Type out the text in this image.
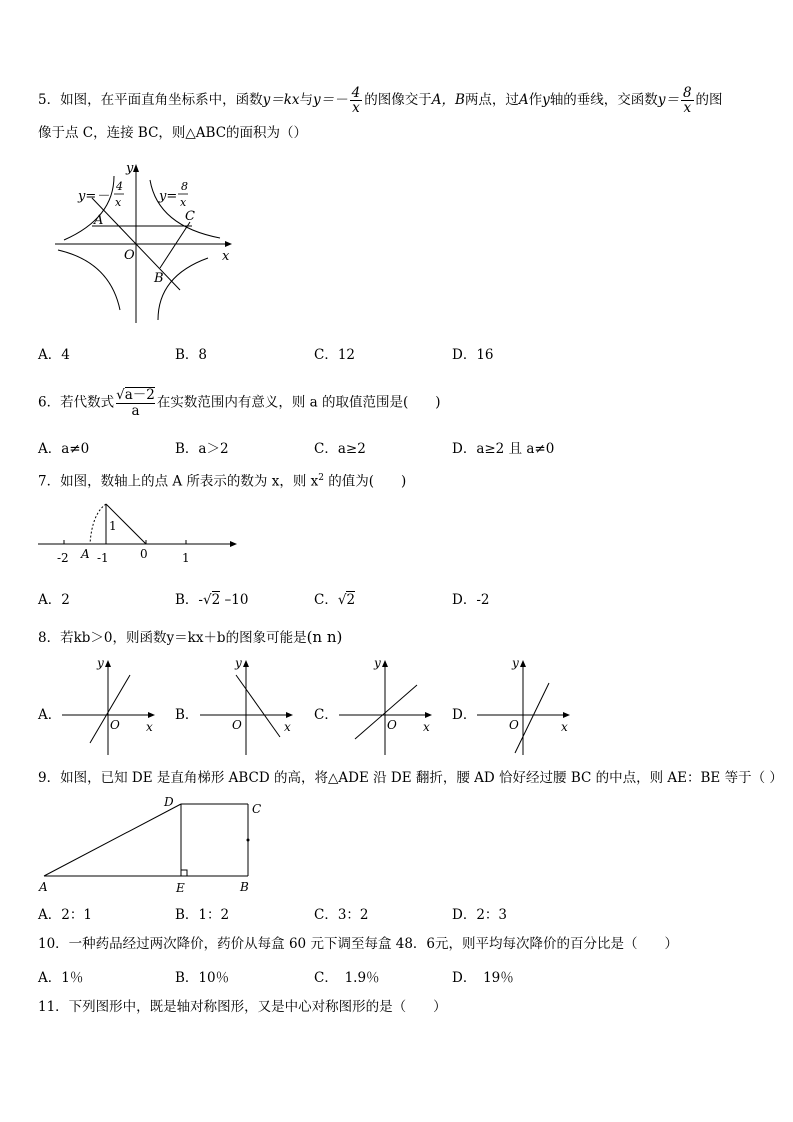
5．如图，在平面直角坐标系中，函数y＝kx与$y=- \frac{4}{x}$ 的图像交于A，B两点，过A作y轴的垂线，交函数$y= \frac{8}{x}$ 的图
像于点 C，连接 BC，则△ABC的面积为（）
y=－
4
x	y=
8
x
A	C
O
B
x
y
A．4	B．8	C．12	D．16
6．若代数式 $\frac{√a-2}{a}$ 在实数范围内有意义，则 a 的取值范围是(　　)
A．a≠0	B．a＞2	C．a≥2	D．a≥2 且 a≠0
7．如图，数轴上的点 A 所表示的数为 x，则 $x^2$ 的值为(　　)
1
-2 A -1	0	1
A．2	B．-√2 –10	C．√2	D．-2
8．若kb＞0，则函数y＝kx＋b的图象可能是(n n)
A．	B．	C．	D．
y
x
O
y
x
O
y
x
O
y
x
O
9．如图，已知 DE 是直角梯形 ABCD 的高，将△ADE 沿 DE 翻折，腰 AD 恰好经过腰 BC 的中点，则 AE：BE 等于（ ）
D	C
A	E	B
A．2：1	B．1：2	C．3：2	D．2：3
10．一种药品经过两次降价，药价从每盒 60 元下调至每盒 48．6元，则平均每次降价的百分比是（　　）
A．1％	B．10％	C．　1.9％	D．　19％
11．下列图形中，既是轴对称图形，又是中心对称图形的是（　　）
